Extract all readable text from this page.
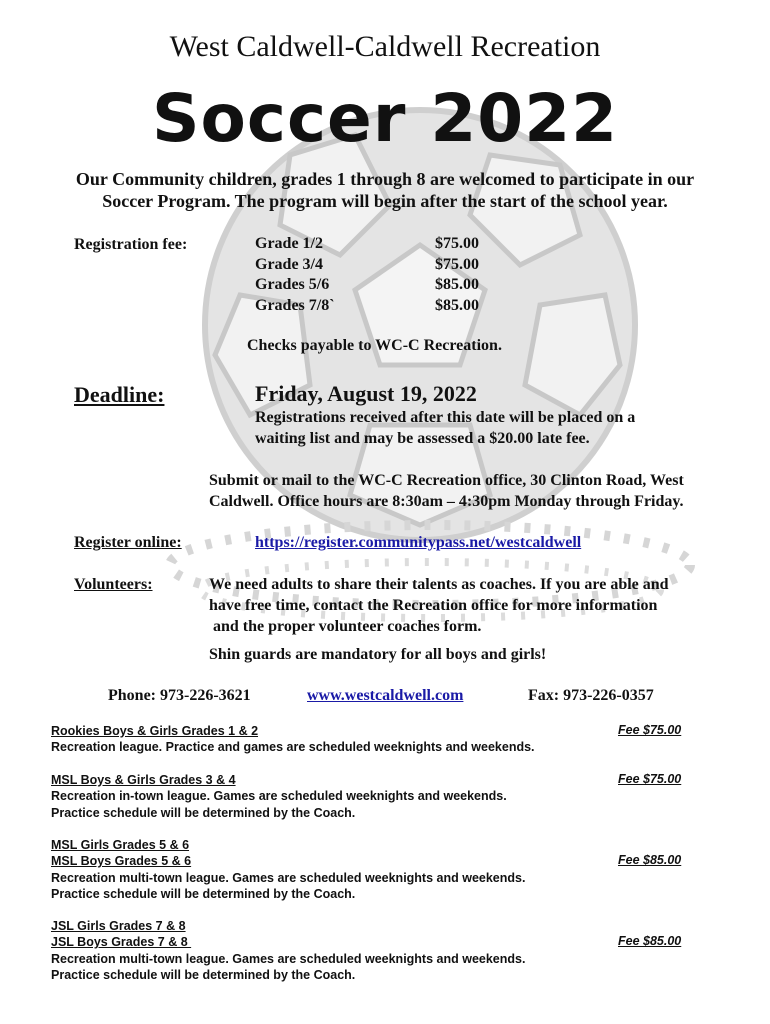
West Caldwell-Caldwell Recreation
Soccer 2022
Our Community children, grades 1 through 8 are welcomed to participate in our
Soccer Program. The program will begin after the start of the school year.
Registration fee:	Grade 1/2	$75.00
Grade 3/4	$75.00
Grades 5/6	$85.00
Grades 7/8`	$85.00
Checks payable to WC-C Recreation.
Deadline:	Friday, August 19, 2022
Registrations received after this date will be placed on a
waiting list and may be assessed a $20.00 late fee.
Submit or mail to the WC-C Recreation office, 30 Clinton Road, West
Caldwell. Office hours are 8:30am – 4:30pm Monday through Friday.
Register online:	https://register.communitypass.net/westcaldwell
Volunteers:	We need adults to share their talents as coaches. If you are able and
have free time, contact the Recreation office for more information
and the proper volunteer coaches form.
Shin guards are mandatory for all boys and girls!
Phone: 973-226-3621	www.westcaldwell.com	Fax: 973-226-0357
Rookies Boys & Girls Grades 1 & 2
Recreation league. Practice and games are scheduled weeknights and weekends.
Fee $75.00
MSL Boys & Girls Grades 3 & 4
Recreation in-town league. Games are scheduled weeknights and weekends.
Practice schedule will be determined by the Coach.
Fee $75.00
MSL Girls Grades 5 & 6
MSL Boys Grades 5 & 6
Recreation multi-town league. Games are scheduled weeknights and weekends.
Practice schedule will be determined by the Coach.
Fee $85.00
JSL Girls Grades 7 & 8
JSL Boys Grades 7 & 8
Recreation multi-town league. Games are scheduled weeknights and weekends.
Practice schedule will be determined by the Coach.
Fee $85.00
